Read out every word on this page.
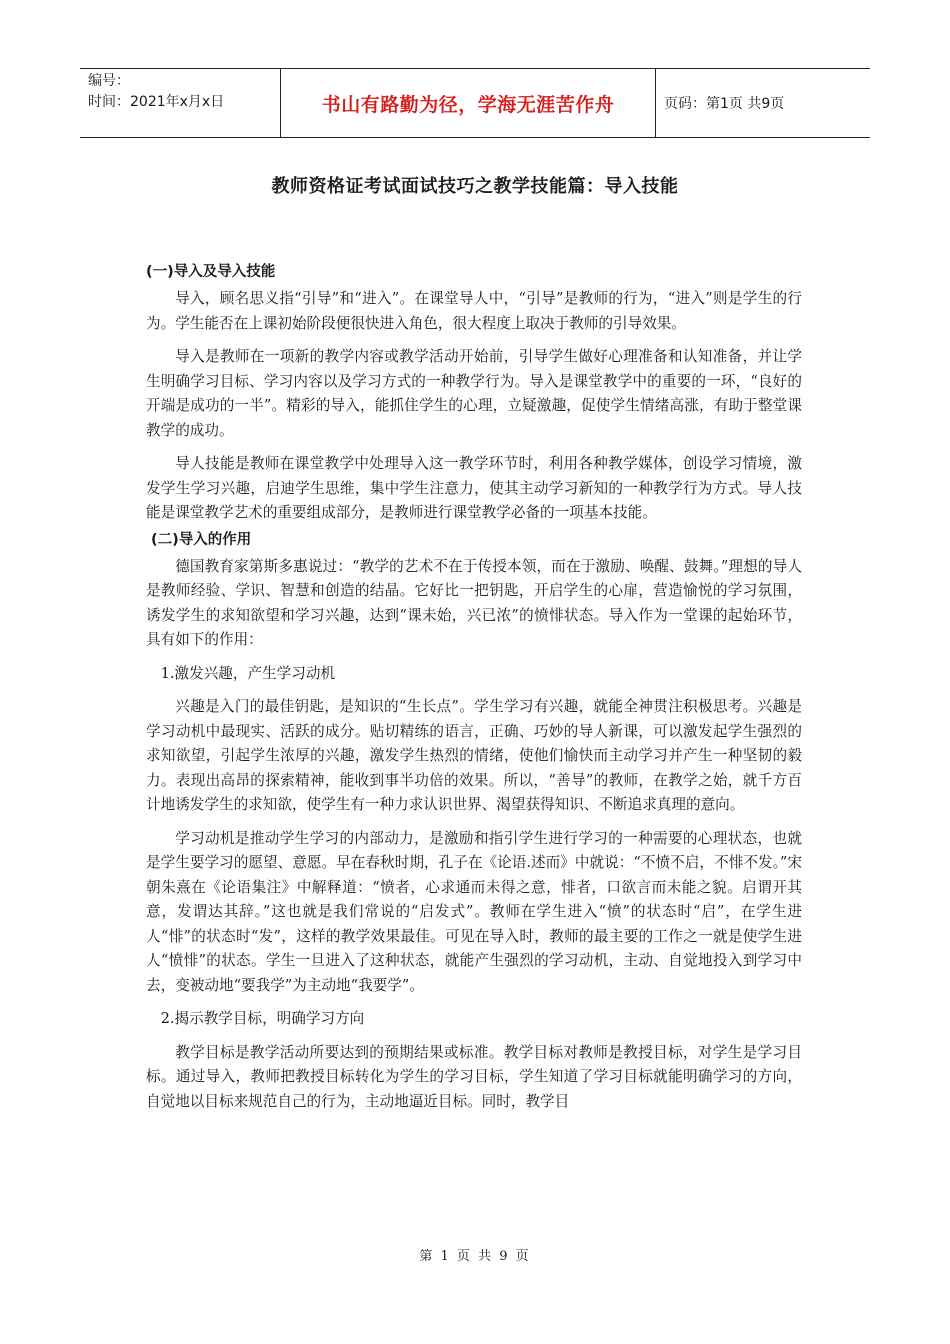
编号：
时间：2021年x月x日	书山有路勤为径，学海无涯苦作舟	页码：第1页 共9页
教师资格证考试面试技巧之教学技能篇：导入技能

(一)导入及导入技能

导入，顾名思义指“引导”和“进入”。在课堂导人中，“引导”是教师的行为，“进入”则是学生的行为。学生能否在上课初始阶段便很快进入角色，很大程度上取决于教师的引导效果。

导入是教师在一项新的教学内容或教学活动开始前，引导学生做好心理准备和认知准备，并让学生明确学习目标、学习内容以及学习方式的一种教学行为。导入是课堂教学中的重要的一环，“良好的开端是成功的一半”。精彩的导入，能抓住学生的心理，立疑激趣，促使学生情绪高涨，有助于整堂课教学的成功。

导人技能是教师在课堂教学中处理导入这一教学环节时，利用各种教学媒体，创设学习情境，激发学生学习兴趣，启迪学生思维，集中学生注意力，使其主动学习新知的一种教学行为方式。导人技能是课堂教学艺术的重要组成部分，是教师进行课堂教学必备的一项基本技能。

(二)导入的作用

德国教育家第斯多惠说过：“教学的艺术不在于传授本领，而在于激励、唤醒、鼓舞。”理想的导人是教师经验、学识、智慧和创造的结晶。它好比一把钥匙，开启学生的心扉，营造愉悦的学习氛围，诱发学生的求知欲望和学习兴趣，达到“课未始，兴已浓”的愤悱状态。导入作为一堂课的起始环节，具有如下的作用：

1.激发兴趣，产生学习动机

兴趣是入门的最佳钥匙，是知识的“生长点”。学生学习有兴趣，就能全神贯注积极思考。兴趣是学习动机中最现实、活跃的成分。贴切精练的语言，正确、巧妙的导人新课，可以激发起学生强烈的求知欲望，引起学生浓厚的兴趣，激发学生热烈的情绪，使他们愉快而主动学习并产生一种坚韧的毅力。表现出高昂的探索精神，能收到事半功倍的效果。所以，“善导”的教师，在教学之始，就千方百计地诱发学生的求知欲，使学生有一种力求认识世界、渴望获得知识、不断追求真理的意向。

学习动机是推动学生学习的内部动力，是激励和指引学生进行学习的一种需要的心理状态，也就是学生要学习的愿望、意愿。早在春秋时期，孔子在《论语.述而》中就说：“不愤不启，不悱不发。”宋朝朱熹在《论语集注》中解释道：“愤者，心求通而未得之意，悱者，口欲言而未能之貌。启谓开其意，发谓达其辞。”这也就是我们常说的“启发式”。教师在学生进入“愤”的状态时“启”，在学生进人“悱”的状态时“发”，这样的教学效果最佳。可见在导入时，教师的最主要的工作之一就是使学生进人“愤悱”的状态。学生一旦进入了这种状态，就能产生强烈的学习动机，主动、自觉地投入到学习中去，变被动地“要我学”为主动地“我要学”。

2.揭示教学目标，明确学习方向

教学目标是教学活动所要达到的预期结果或标准。教学目标对教师是教授目标，对学生是学习目标。通过导入，教师把教授目标转化为学生的学习目标，学生知道了学习目标就能明确学习的方向，自觉地以目标来规范自己的行为，主动地逼近目标。同时，教学目

第 1 页 共 9 页
